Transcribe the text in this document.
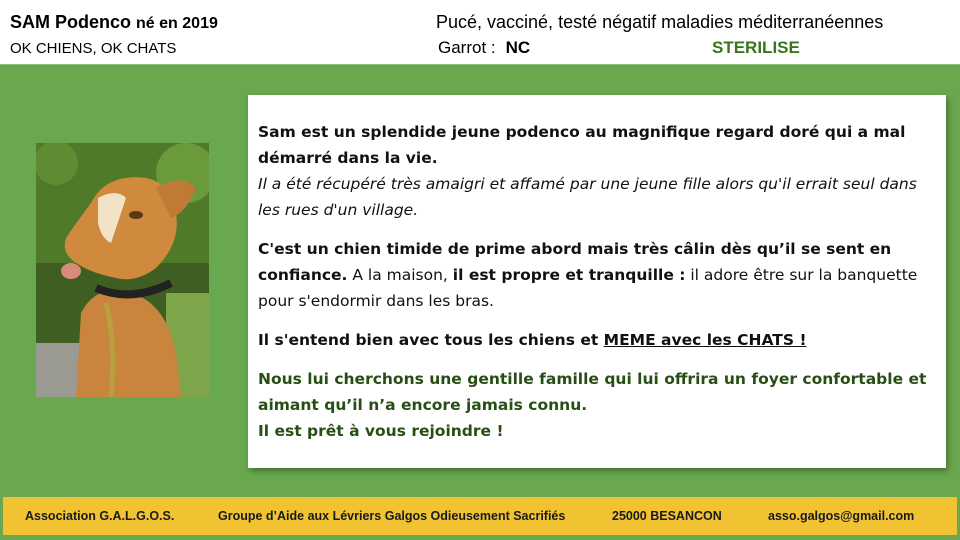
SAM Podenco né en 2019
OK CHIENS, OK CHATS
Pucé, vacciné, testé négatif maladies méditerranéennes
Garrot : NC	STERILISE

Sam est un splendide jeune podenco au magnifique regard doré qui a mal démarré dans la vie.
Il a été récupéré très amaigri et affamé par une jeune fille alors qu'il errait seul dans les rues d'un village.

C'est un chien timide de prime abord mais très câlin dès qu’il se sent en confiance. A la maison, il est propre et tranquille : il adore être sur la banquette pour s'endormir dans les bras.

Il s'entend bien avec tous les chiens et MEME avec les CHATS !

Nous lui cherchons une gentille famille qui lui offrira un foyer confortable et aimant qu’il n’a encore jamais connu.
Il est prêt à vous rejoindre !

Association G.A.L.G.O.S.	Groupe d’Aide aux Lévriers Galgos Odieusement Sacrifiés	25000 BESANCON	asso.galgos@gmail.com
